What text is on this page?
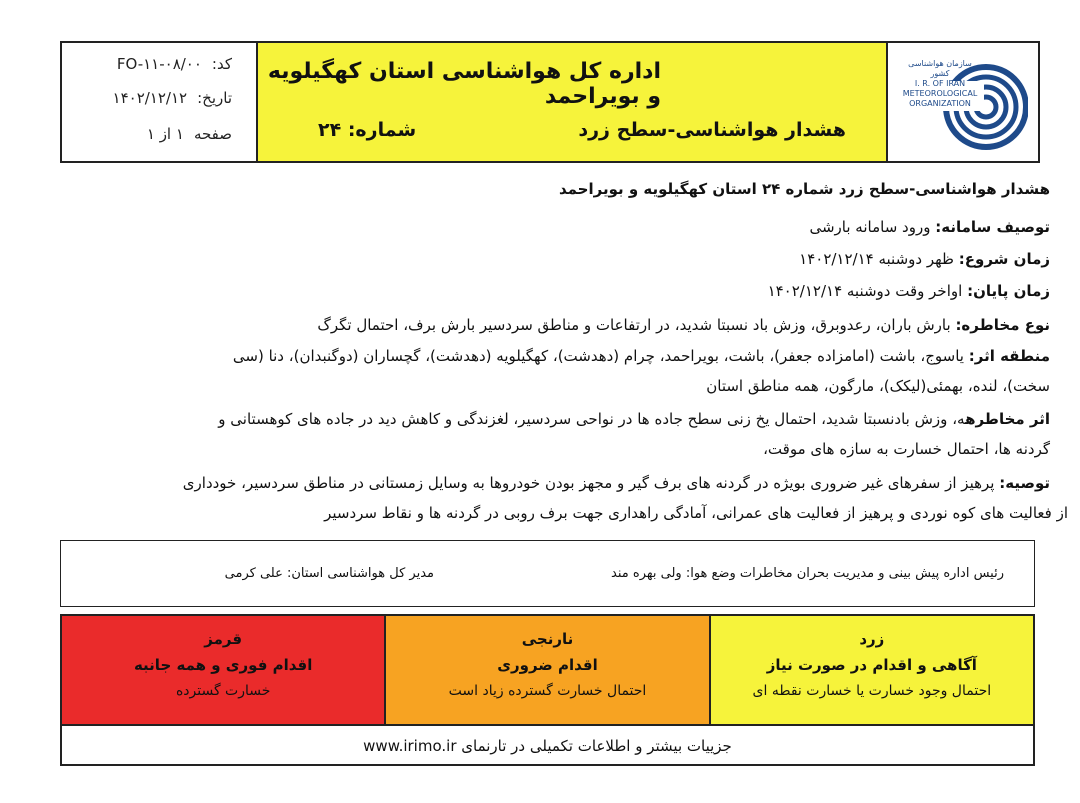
کد:
FO-۱۱-۰۸/۰۰
تاریخ:
۱۴۰۲/۱۲/۱۲
صفحه
۱ از ۱
اداره کل هواشناسی استان کهگیلویه و بویراحمد
هشدار هواشناسی-سطح زرد
شماره: ۲۴
سازمان هواشناسی کشور
I. R. OF IRAN
METEOROLOGICAL
ORGANIZATION
هشدار هواشناسی-سطح زرد شماره ۲۴ استان کهگیلویه و بویراحمد
توصیف سامانه: ورود سامانه بارشی
زمان شروع: ظهر دوشنبه ۱۴۰۲/۱۲/۱۴
زمان پایان: اواخر وقت دوشنبه ۱۴۰۲/۱۲/۱۴
نوع مخاطره: بارش باران، رعدوبرق، وزش باد نسبتا شدید، در ارتفاعات و مناطق سردسیر بارش برف، احتمال تگرگ
منطقه اثر: یاسوج، باشت (امامزاده جعفر)، باشت، بویراحمد، چرام (دهدشت)، کهگیلویه (دهدشت)، گچساران (دوگنبدان)، دنا (سی
سخت)، لنده، بهمئی(لیکک)، مارگون، همه مناطق استان
اثر مخاطرهه، وزش بادنسبتا شدید، احتمال یخ زنی سطح جاده ها در نواحی سردسیر، لغزندگی و کاهش دید در جاده های کوهستانی و
گردنه ها، احتمال خسارت به سازه های موقت،
توصیه: پرهیز از سفرهای غیر ضروری بویژه در گردنه های برف گیر و مجهز بودن خودروها به وسایل زمستانی در مناطق سردسیر، خودداری
از فعالیت های کوه نوردی و پرهیز از فعالیت های عمرانی، آمادگی راهداری جهت برف روبی در گردنه ها و نقاط سردسیر
رئیس اداره پیش بینی و مدیریت بحران مخاطرات وضع هوا: ولی بهره مند
مدیر کل هواشناسی استان: علی کرمی
زرد
آگاهی و اقدام در صورت نیاز
احتمال وجود خسارت یا خسارت نقطه ای
نارنجی
اقدام ضروری
احتمال خسارت گسترده زیاد است
قرمز
اقدام فوری و همه جانبه
خسارت گسترده
جزییات بیشتر و اطلاعات تکمیلی در تارنمای www.irimo.ir
